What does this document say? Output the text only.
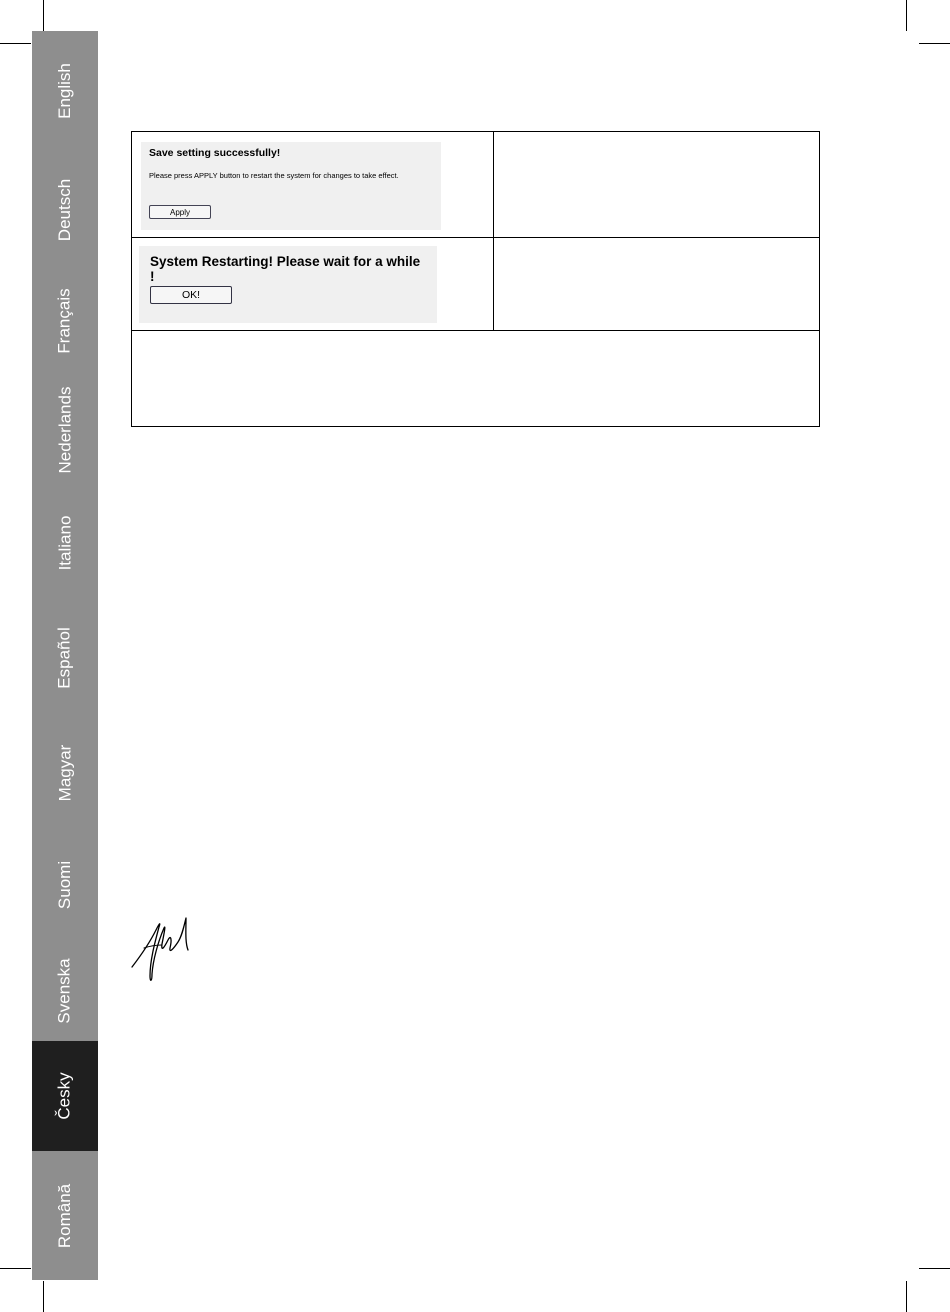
English
Deutsch
Français
Nederlands
Italiano
Español
Magyar
Suomi
Svenska
Česky
Română
Save setting successfully!
Please press APPLY button to restart the system for changes to take effect.
Apply
System Restarting! Please wait for a while !
OK!
